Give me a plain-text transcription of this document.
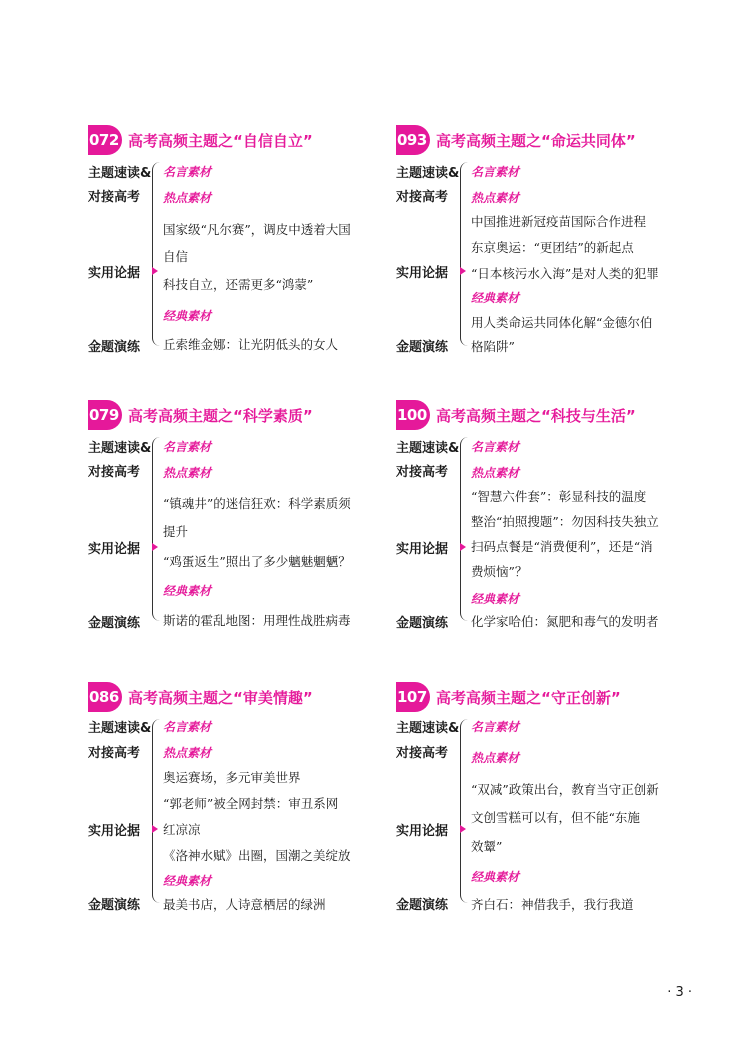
072 高考高频主题之“自信自立”
主题速读&
对接高考
实用论据
金题演练
名言素材
热点素材
国家级“凡尔赛”，调皮中透着大国
自信
科技自立，还需更多“鸿蒙”
经典素材
丘索维金娜：让光阴低头的女人
093 高考高频主题之“命运共同体”
主题速读&
对接高考
实用论据
金题演练
名言素材
热点素材
中国推进新冠疫苗国际合作进程
东京奥运：“更团结”的新起点
“日本核污水入海”是对人类的犯罪
经典素材
用人类命运共同体化解“金德尔伯
格陷阱”
079 高考高频主题之“科学素质”
主题速读&
对接高考
实用论据
金题演练
名言素材
热点素材
“镇魂井”的迷信狂欢：科学素质须
提升
“鸡蛋返生”照出了多少魑魅魍魉？
经典素材
斯诺的霍乱地图：用理性战胜病毒
100 高考高频主题之“科技与生活”
主题速读&
对接高考
实用论据
金题演练
名言素材
热点素材
“智慧六件套”：彰显科技的温度
整治“拍照搜题”：勿因科技失独立
扫码点餐是“消费便利”，还是“消
费烦恼”？
经典素材
化学家哈伯：氮肥和毒气的发明者
086 高考高频主题之“审美情趣”
主题速读&
对接高考
实用论据
金题演练
名言素材
热点素材
奥运赛场，多元审美世界
“郭老师”被全网封禁：审丑系网
红凉凉
《洛神水赋》出圈，国潮之美绽放
经典素材
最美书店，人诗意栖居的绿洲
107 高考高频主题之“守正创新”
主题速读&
对接高考
实用论据
金题演练
名言素材
热点素材
“双减”政策出台，教育当守正创新
文创雪糕可以有，但不能“东施
效颦”
经典素材
齐白石：神借我手，我行我道
· 3 ·
